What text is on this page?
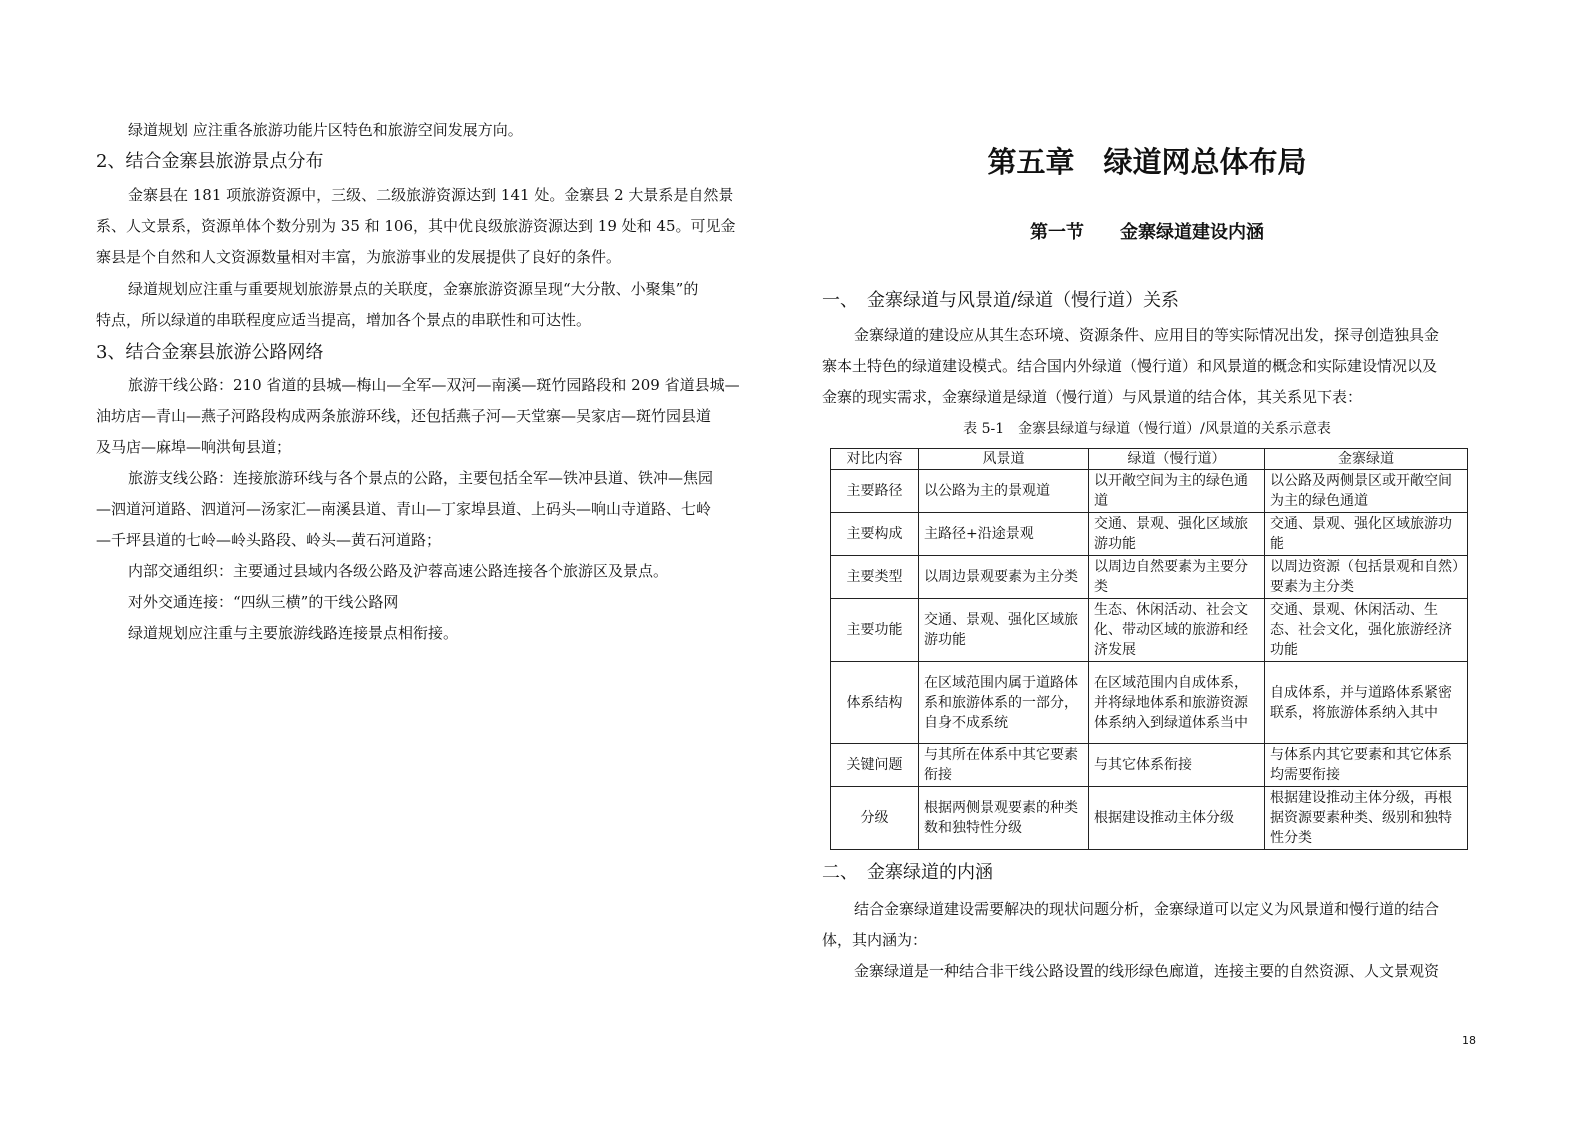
绿道规划 应注重各旅游功能片区特色和旅游空间发展方向。
2、结合金寨县旅游景点分布
金寨县在 181 项旅游资源中，三级、二级旅游资源达到 141 处。金寨县 2 大景系是自然景
系、人文景系，资源单体个数分别为 35 和 106，其中优良级旅游资源达到 19 处和 45。可见金
寨县是个自然和人文资源数量相对丰富，为旅游事业的发展提供了良好的条件。
绿道规划应注重与重要规划旅游景点的关联度，金寨旅游资源呈现“大分散、小聚集”的
特点，所以绿道的串联程度应适当提高，增加各个景点的串联性和可达性。
3、结合金寨县旅游公路网络
旅游干线公路：210 省道的县城—梅山—全军—双河—南溪—斑竹园路段和 209 省道县城—
油坊店—青山—燕子河路段构成两条旅游环线，还包括燕子河—天堂寨—吴家店—斑竹园县道
及马店—麻埠—响洪甸县道；
旅游支线公路：连接旅游环线与各个景点的公路，主要包括全军—铁冲县道、铁冲—焦园
—泗道河道路、泗道河—汤家汇—南溪县道、青山—丁家埠县道、上码头—响山寺道路、七岭
—千坪县道的七岭—岭头路段、岭头—黄石河道路；
内部交通组织：主要通过县域内各级公路及沪蓉高速公路连接各个旅游区及景点。
对外交通连接：“四纵三横”的干线公路网
绿道规划应注重与主要旅游线路连接景点相衔接。
第五章　绿道网总体布局
第一节　　金寨绿道建设内涵
一、　金寨绿道与风景道/绿道（慢行道）关系
金寨绿道的建设应从其生态环境、资源条件、应用目的等实际情况出发，探寻创造独具金
寨本土特色的绿道建设模式。结合国内外绿道（慢行道）和风景道的概念和实际建设情况以及
金寨的现实需求，金寨绿道是绿道（慢行道）与风景道的结合体，其关系见下表：
表 5-1　金寨县绿道与绿道（慢行道）/风景道的关系示意表
对比内容	风景道	绿道（慢行道）	金寨绿道
主要路径	以公路为主的景观道	以开敞空间为主的绿色通道	以公路及两侧景区或开敞空间为主的绿色通道
主要构成	主路径+沿途景观	交通、景观、强化区域旅游功能	交通、景观、强化区域旅游功能
主要类型	以周边景观要素为主分类	以周边自然要素为主要分类	以周边资源（包括景观和自然）要素为主分类
主要功能	交通、景观、强化区域旅游功能	生态、休闲活动、社会文化、带动区域的旅游和经济发展	交通、景观、休闲活动、生态、社会文化，强化旅游经济功能
体系结构	在区域范围内属于道路体系和旅游体系的一部分，自身不成系统	在区域范围内自成体系，并将绿地体系和旅游资源体系纳入到绿道体系当中	自成体系，并与道路体系紧密联系，将旅游体系纳入其中
关键问题	与其所在体系中其它要素衔接	与其它体系衔接	与体系内其它要素和其它体系均需要衔接
分级	根据两侧景观要素的种类数和独特性分级	根据建设推动主体分级	根据建设推动主体分级，再根据资源要素种类、级别和独特性分类
二、　金寨绿道的内涵
结合金寨绿道建设需要解决的现状问题分析，金寨绿道可以定义为风景道和慢行道的结合
体，其内涵为：
金寨绿道是一种结合非干线公路设置的线形绿色廊道，连接主要的自然资源、人文景观资
18
